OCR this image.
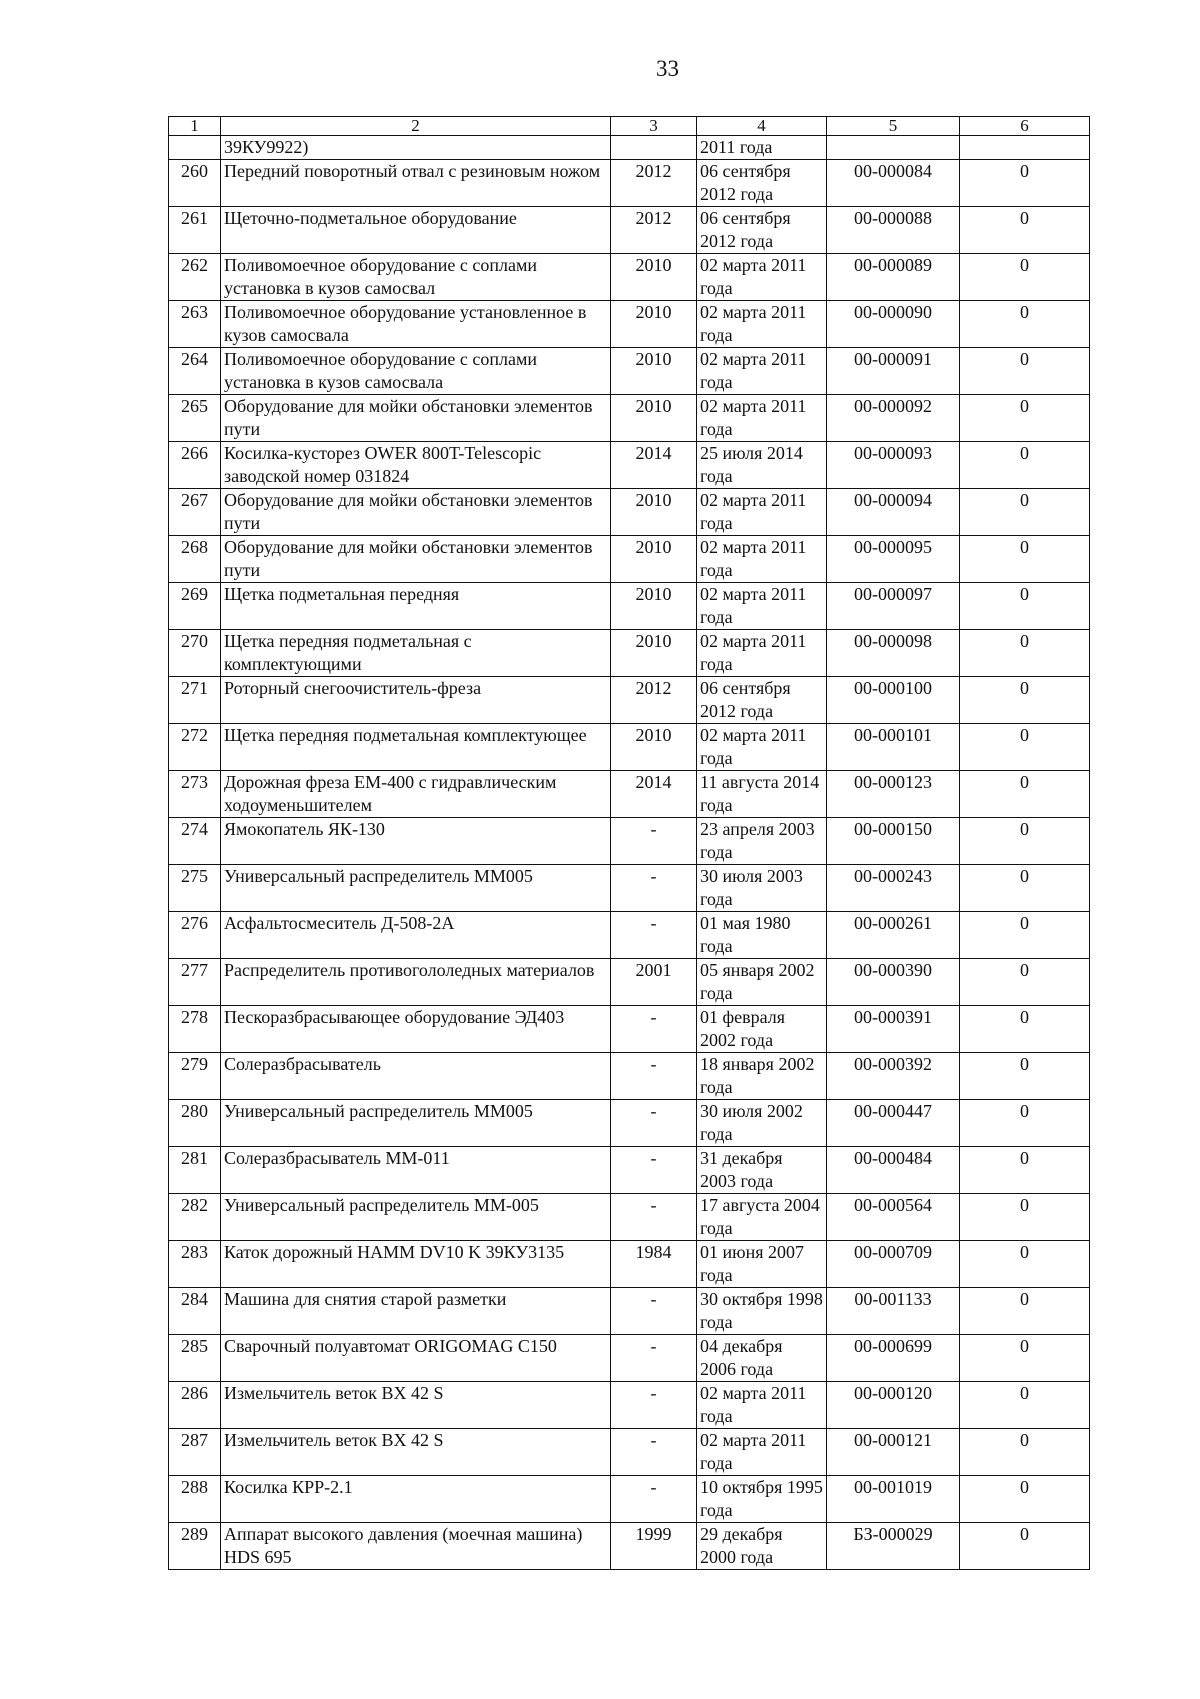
33
1	2	3	4	5	6
	39КУ9922)		2011 года		
260	Передний поворотный отвал с резиновым ножом	2012	06 сентября 2012 года	00-000084	0
261	Щеточно-подметальное оборудование	2012	06 сентября 2012 года	00-000088	0
262	Поливомоечное оборудование с соплами установка в кузов самосвал	2010	02 марта 2011 года	00-000089	0
263	Поливомоечное оборудование установленное в кузов самосвала	2010	02 марта 2011 года	00-000090	0
264	Поливомоечное оборудование с соплами установка в кузов самосвала	2010	02 марта 2011 года	00-000091	0
265	Оборудование для мойки обстановки элементов пути	2010	02 марта 2011 года	00-000092	0
266	Косилка-кусторез OWER 800T-Telescopic заводской номер 031824	2014	25 июля 2014 года	00-000093	0
267	Оборудование для мойки обстановки элементов пути	2010	02 марта 2011 года	00-000094	0
268	Оборудование для мойки обстановки элементов пути	2010	02 марта 2011 года	00-000095	0
269	Щетка подметальная передняя	2010	02 марта 2011 года	00-000097	0
270	Щетка передняя подметальная с комплектующими	2010	02 марта 2011 года	00-000098	0
271	Роторный снегоочиститель-фреза	2012	06 сентября 2012 года	00-000100	0
272	Щетка передняя подметальная комплектующее	2010	02 марта 2011 года	00-000101	0
273	Дорожная фреза ЕМ-400 с гидравлическим ходоуменьшителем	2014	11 августа 2014 года	00-000123	0
274	Ямокопатель ЯК-130	-	23 апреля 2003 года	00-000150	0
275	Универсальный распределитель ММ005	-	30 июля 2003 года	00-000243	0
276	Асфальтосмеситель Д-508-2А	-	01 мая 1980 года	00-000261	0
277	Распределитель противогололедных материалов	2001	05 января 2002 года	00-000390	0
278	Пескоразбрасывающее оборудование ЭД403	-	01 февраля 2002 года	00-000391	0
279	Солеразбрасыватель	-	18 января 2002 года	00-000392	0
280	Универсальный распределитель ММ005	-	30 июля 2002 года	00-000447	0
281	Солеразбрасыватель ММ-011	-	31 декабря 2003 года	00-000484	0
282	Универсальный распределитель ММ-005	-	17 августа 2004 года	00-000564	0
283	Каток дорожный HAMM DV10 K 39КУ3135	1984	01 июня 2007 года	00-000709	0
284	Машина для снятия старой разметки	-	30 октября 1998 года	00-001133	0
285	Сварочный полуавтомат ORIGOMAG C150	-	04 декабря 2006 года	00-000699	0
286	Измельчитель веток BX 42 S	-	02 марта 2011 года	00-000120	0
287	Измельчитель веток BX 42 S	-	02 марта 2011 года	00-000121	0
288	Косилка КРР-2.1	-	10 октября 1995 года	00-001019	0
289	Аппарат высокого давления (моечная машина) HDS 695	1999	29 декабря 2000 года	БЗ-000029	0
